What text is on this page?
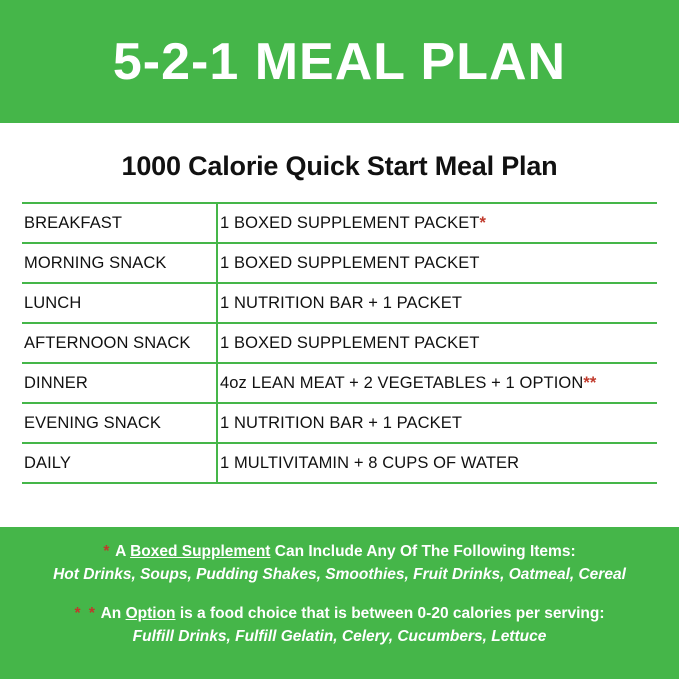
5-2-1 MEAL PLAN
1000 Calorie Quick Start Meal Plan
BREAKFAST	1 BOXED SUPPLEMENT PACKET*
MORNING SNACK	1 BOXED SUPPLEMENT PACKET
LUNCH	1 NUTRITION BAR + 1 PACKET
AFTERNOON SNACK	1 BOXED SUPPLEMENT PACKET
DINNER	4oz LEAN MEAT + 2 VEGETABLES + 1 OPTION**
EVENING SNACK	1 NUTRITION BAR + 1 PACKET
DAILY	1 MULTIVITAMIN + 8 CUPS OF WATER
* A Boxed Supplement Can Include Any Of The Following Items:
Hot Drinks, Soups, Pudding Shakes, Smoothies, Fruit Drinks, Oatmeal, Cereal
* * An Option is a food choice that is between 0-20 calories per serving:
Fulfill Drinks, Fulfill Gelatin, Celery, Cucumbers, Lettuce
